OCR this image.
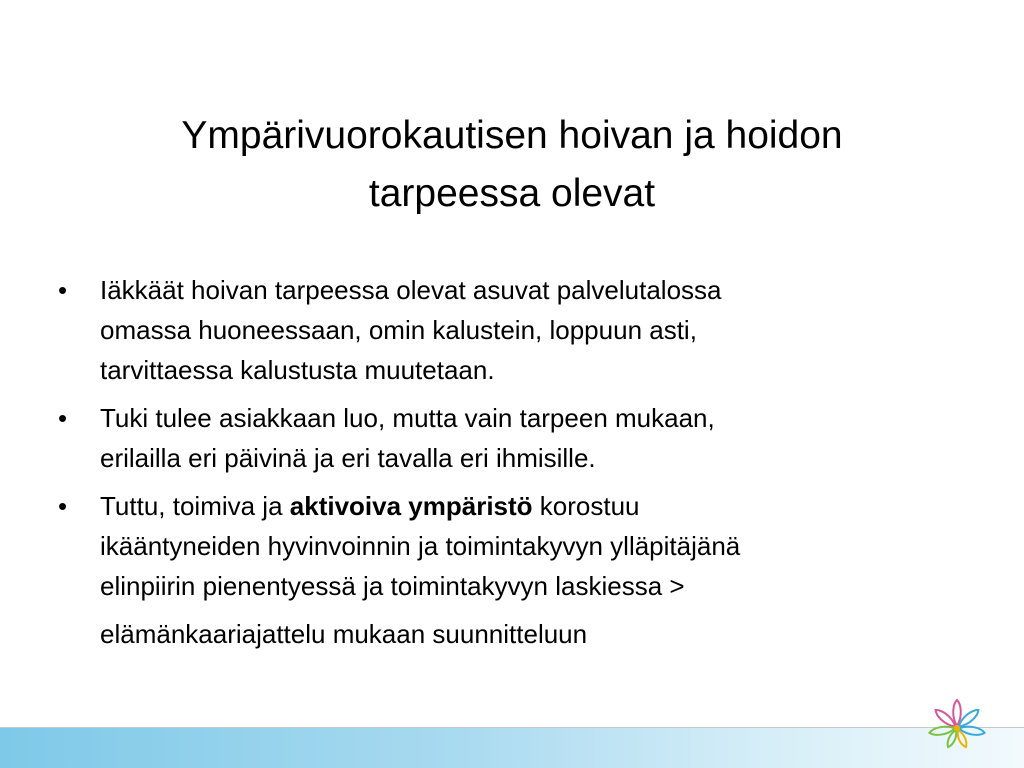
Ympärivuorokautisen hoivan ja hoidon
tarpeessa olevat
•	Iäkkäät hoivan tarpeessa olevat asuvat palvelutalossa
omassa huoneessaan, omin kalustein, loppuun asti,
tarvittaessa kalustusta muutetaan.
•	Tuki tulee asiakkaan luo, mutta vain tarpeen mukaan,
erilailla eri päivinä ja eri tavalla eri ihmisille.
•	Tuttu, toimiva ja aktivoiva ympäristö korostuu
ikääntyneiden hyvinvoinnin ja toimintakyvyn ylläpitäjänä
elinpiirin pienentyessä ja toimintakyvyn laskiessa >
elämänkaariajattelu mukaan suunnitteluun
